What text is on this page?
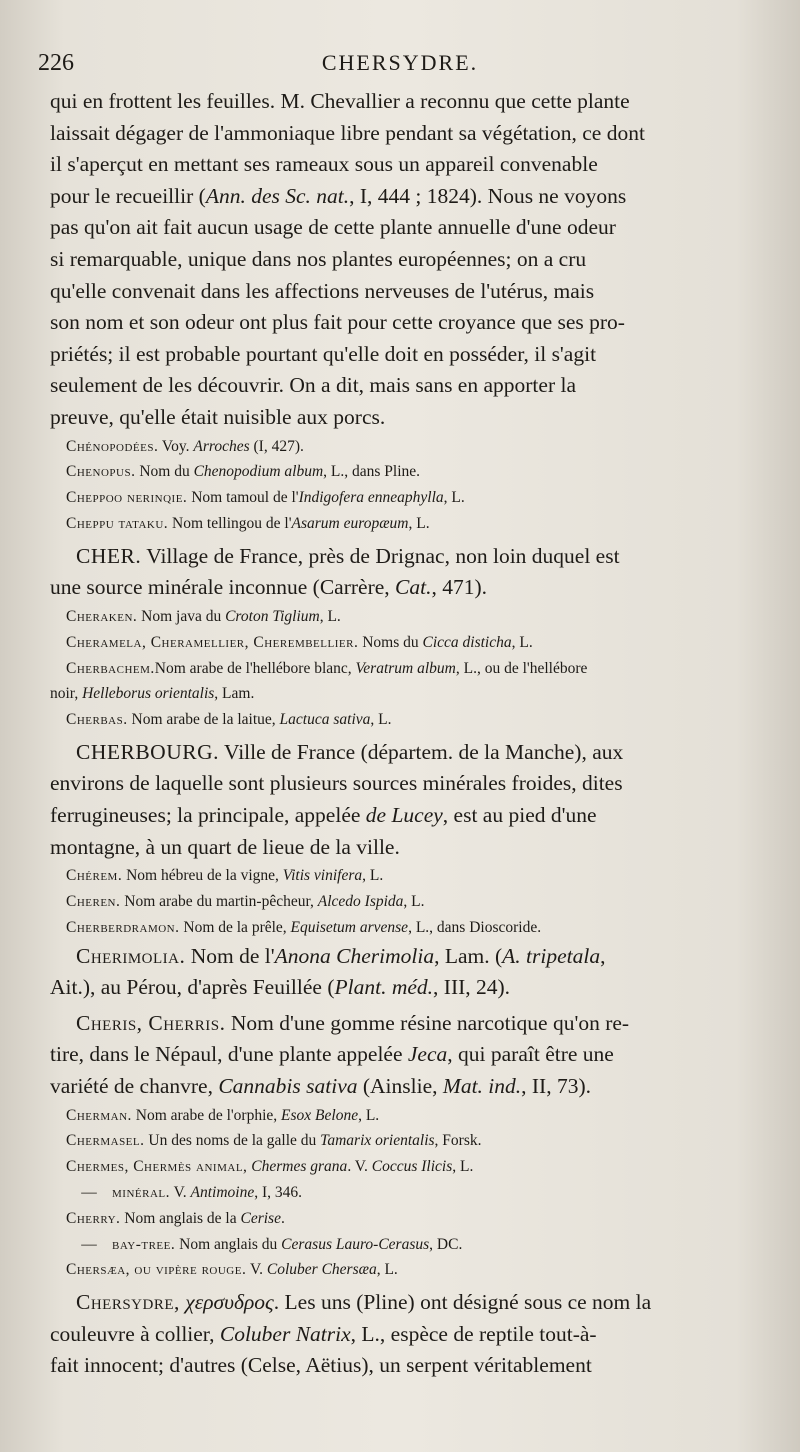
226	CHERSYDRE.

qui en frottent les feuilles. M. Chevallier a reconnu que cette plante

laissait dégager de l'ammoniaque libre pendant sa végétation, ce dont

il s'aperçut en mettant ses rameaux sous un appareil convenable

pour le recueillir (Ann. des Sc. nat., I, 444 ; 1824). Nous ne voyons

pas qu'on ait fait aucun usage de cette plante annuelle d'une odeur

si remarquable, unique dans nos plantes européennes; on a cru

qu'elle convenait dans les affections nerveuses de l'utérus, mais

son nom et son odeur ont plus fait pour cette croyance que ses pro-

priétés; il est probable pourtant qu'elle doit en posséder, il s'agit

seulement de les découvrir. On a dit, mais sans en apporter la

preuve, qu'elle était nuisible aux porcs.

Chénopodées. Voy. Arroches (I, 427).

Chenopus. Nom du Chenopodium album, L., dans Pline.

Cheppoo nerinqie. Nom tamoul de l'Indigofera enneaphylla, L.

Cheppu tataku. Nom tellingou de l'Asarum europæum, L.

CHER. Village de France, près de Drignac, non loin duquel est

une source minérale inconnue (Carrère, Cat., 471).

Cheraken. Nom java du Croton Tiglium, L.

Cheramela, Cheramellier, Cherembellier. Noms du Cicca disticha, L.

Cherbachem.Nom arabe de l'hellébore blanc, Veratrum album, L., ou de l'hellébore

noir, Helleborus orientalis, Lam.

Cherbas. Nom arabe de la laitue, Lactuca sativa, L.

CHERBOURG. Ville de France (départem. de la Manche), aux

environs de laquelle sont plusieurs sources minérales froides, dites

ferrugineuses; la principale, appelée de Lucey, est au pied d'une

montagne, à un quart de lieue de la ville.

Chérem. Nom hébreu de la vigne, Vitis vinifera, L.

Cheren. Nom arabe du martin-pêcheur, Alcedo Ispida, L.

Cherberdramon. Nom de la prêle, Equisetum arvense, L., dans Dioscoride.

Cherimolia. Nom de l'Anona Cherimolia, Lam. (A. tripetala,

Ait.), au Pérou, d'après Feuillée (Plant. méd., III, 24).

Cheris, Cherris. Nom d'une gomme résine narcotique qu'on re-

tire, dans le Népaul, d'une plante appelée Jeca, qui paraît être une

variété de chanvre, Cannabis sativa (Ainslie, Mat. ind., II, 73).

Cherman. Nom arabe de l'orphie, Esox Belone, L.

Chermasel. Un des noms de la galle du Tamarix orientalis, Forsk.

Chermes, Chermès animal, Chermes grana. V. Coccus Ilicis, L.

— minéral. V. Antimoine, I, 346.

Cherry. Nom anglais de la Cerise.

— bay-tree. Nom anglais du Cerasus Lauro-Cerasus, DC.

Chersæa, ou vipère rouge. V. Coluber Chersæa, L.

Chersydre, χερσυδρος. Les uns (Pline) ont désigné sous ce nom la

couleuvre à collier, Coluber Natrix, L., espèce de reptile tout-à-

fait innocent; d'autres (Celse, Aëtius), un serpent véritablement
